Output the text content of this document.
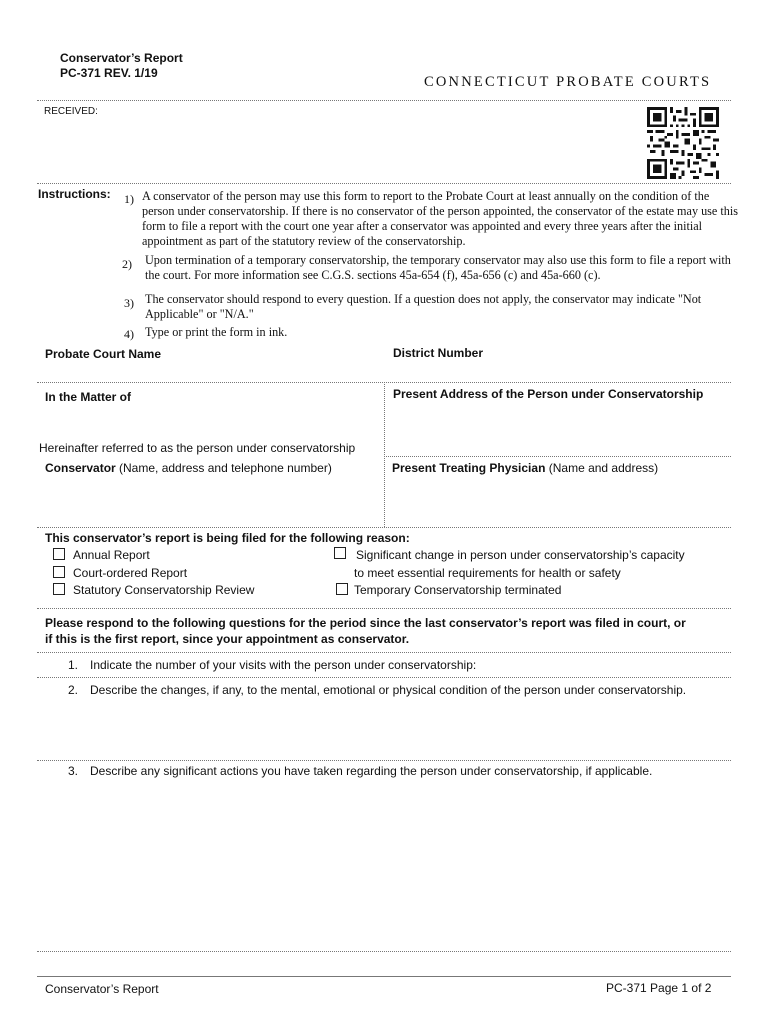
Conservator’s Report
PC-371 REV. 1/19
CONNECTICUT PROBATE COURTS
RECEIVED:
Instructions: 1) A conservator of the person may use this form to report to the Probate Court at least annually on the condition of the person under conservatorship. If there is no conservator of the person appointed, the conservator of the estate may use this form to file a report with the court one year after a conservator was appointed and every three years after the initial appointment as part of the statutory review of the conservatorship.
2) Upon termination of a temporary conservatorship, the temporary conservator may also use this form to file a report with the court. For more information see C.G.S. sections 45a-654 (f), 45a-656 (c) and 45a-660 (c).
3) The conservator should respond to every question. If a question does not apply, the conservator may indicate "Not Applicable" or "N/A."
4) Type or print the form in ink.
Probate Court Name	District Number
In the Matter of	Present Address of the Person under Conservatorship
Hereinafter referred to as the person under conservatorship
Conservator (Name, address and telephone number)	Present Treating Physician (Name and address)
This conservator’s report is being filed for the following reason:
Annual Report
Court-ordered Report
Statutory Conservatorship Review
Significant change in person under conservatorship’s capacity
to meet essential requirements for health or safety
Temporary Conservatorship terminated
Please respond to the following questions for the period since the last conservator’s report was filed in court, or
if this is the first report, since your appointment as conservator.
1. Indicate the number of your visits with the person under conservatorship:
2. Describe the changes, if any, to the mental, emotional or physical condition of the person under conservatorship.
3. Describe any significant actions you have taken regarding the person under conservatorship, if applicable.
Conservator’s Report	PC-371 Page 1 of 2
